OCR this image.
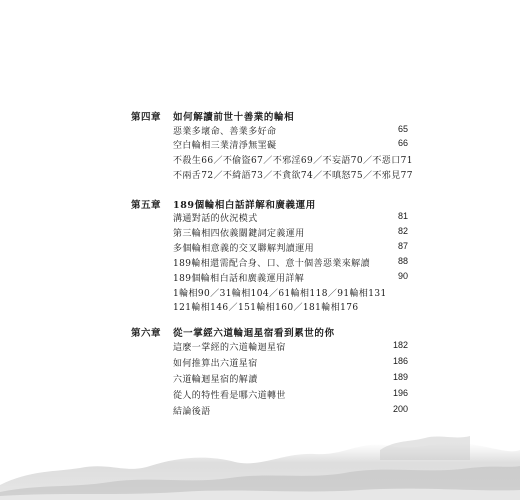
第四章 如何解讀前世十善業的輪相
惡業多壞命、善業多好命	65
空白輪相三業清淨無罣礙	66
不殺生66／不偷盜67／不邪淫69／不妄語70／不惡口71
不兩舌72／不綺語73／不貪欲74／不嗔怒75／不邪見77
第五章 189個輪相白話詳解和廣義運用
溝通對話的伙況模式	81
第三輪相四依義關鍵詞定義運用	82
多個輪相意義的交叉聯解判讀運用	87
189輪相還需配合身、口、意十個善惡業來解讀	88
189個輪相白話和廣義運用詳解	90
1輪相90／31輪相104／61輪相118／91輪相131
121輪相146／151輪相160／181輪相176
第六章 從一掌經六道輪迴星宿看到累世的你
這麼一掌經的六道輪迴星宿	182
如何推算出六道星宿	186
六道輪迴星宿的解讀	189
從人的特性看是哪六道轉世	196
結論後語	200
